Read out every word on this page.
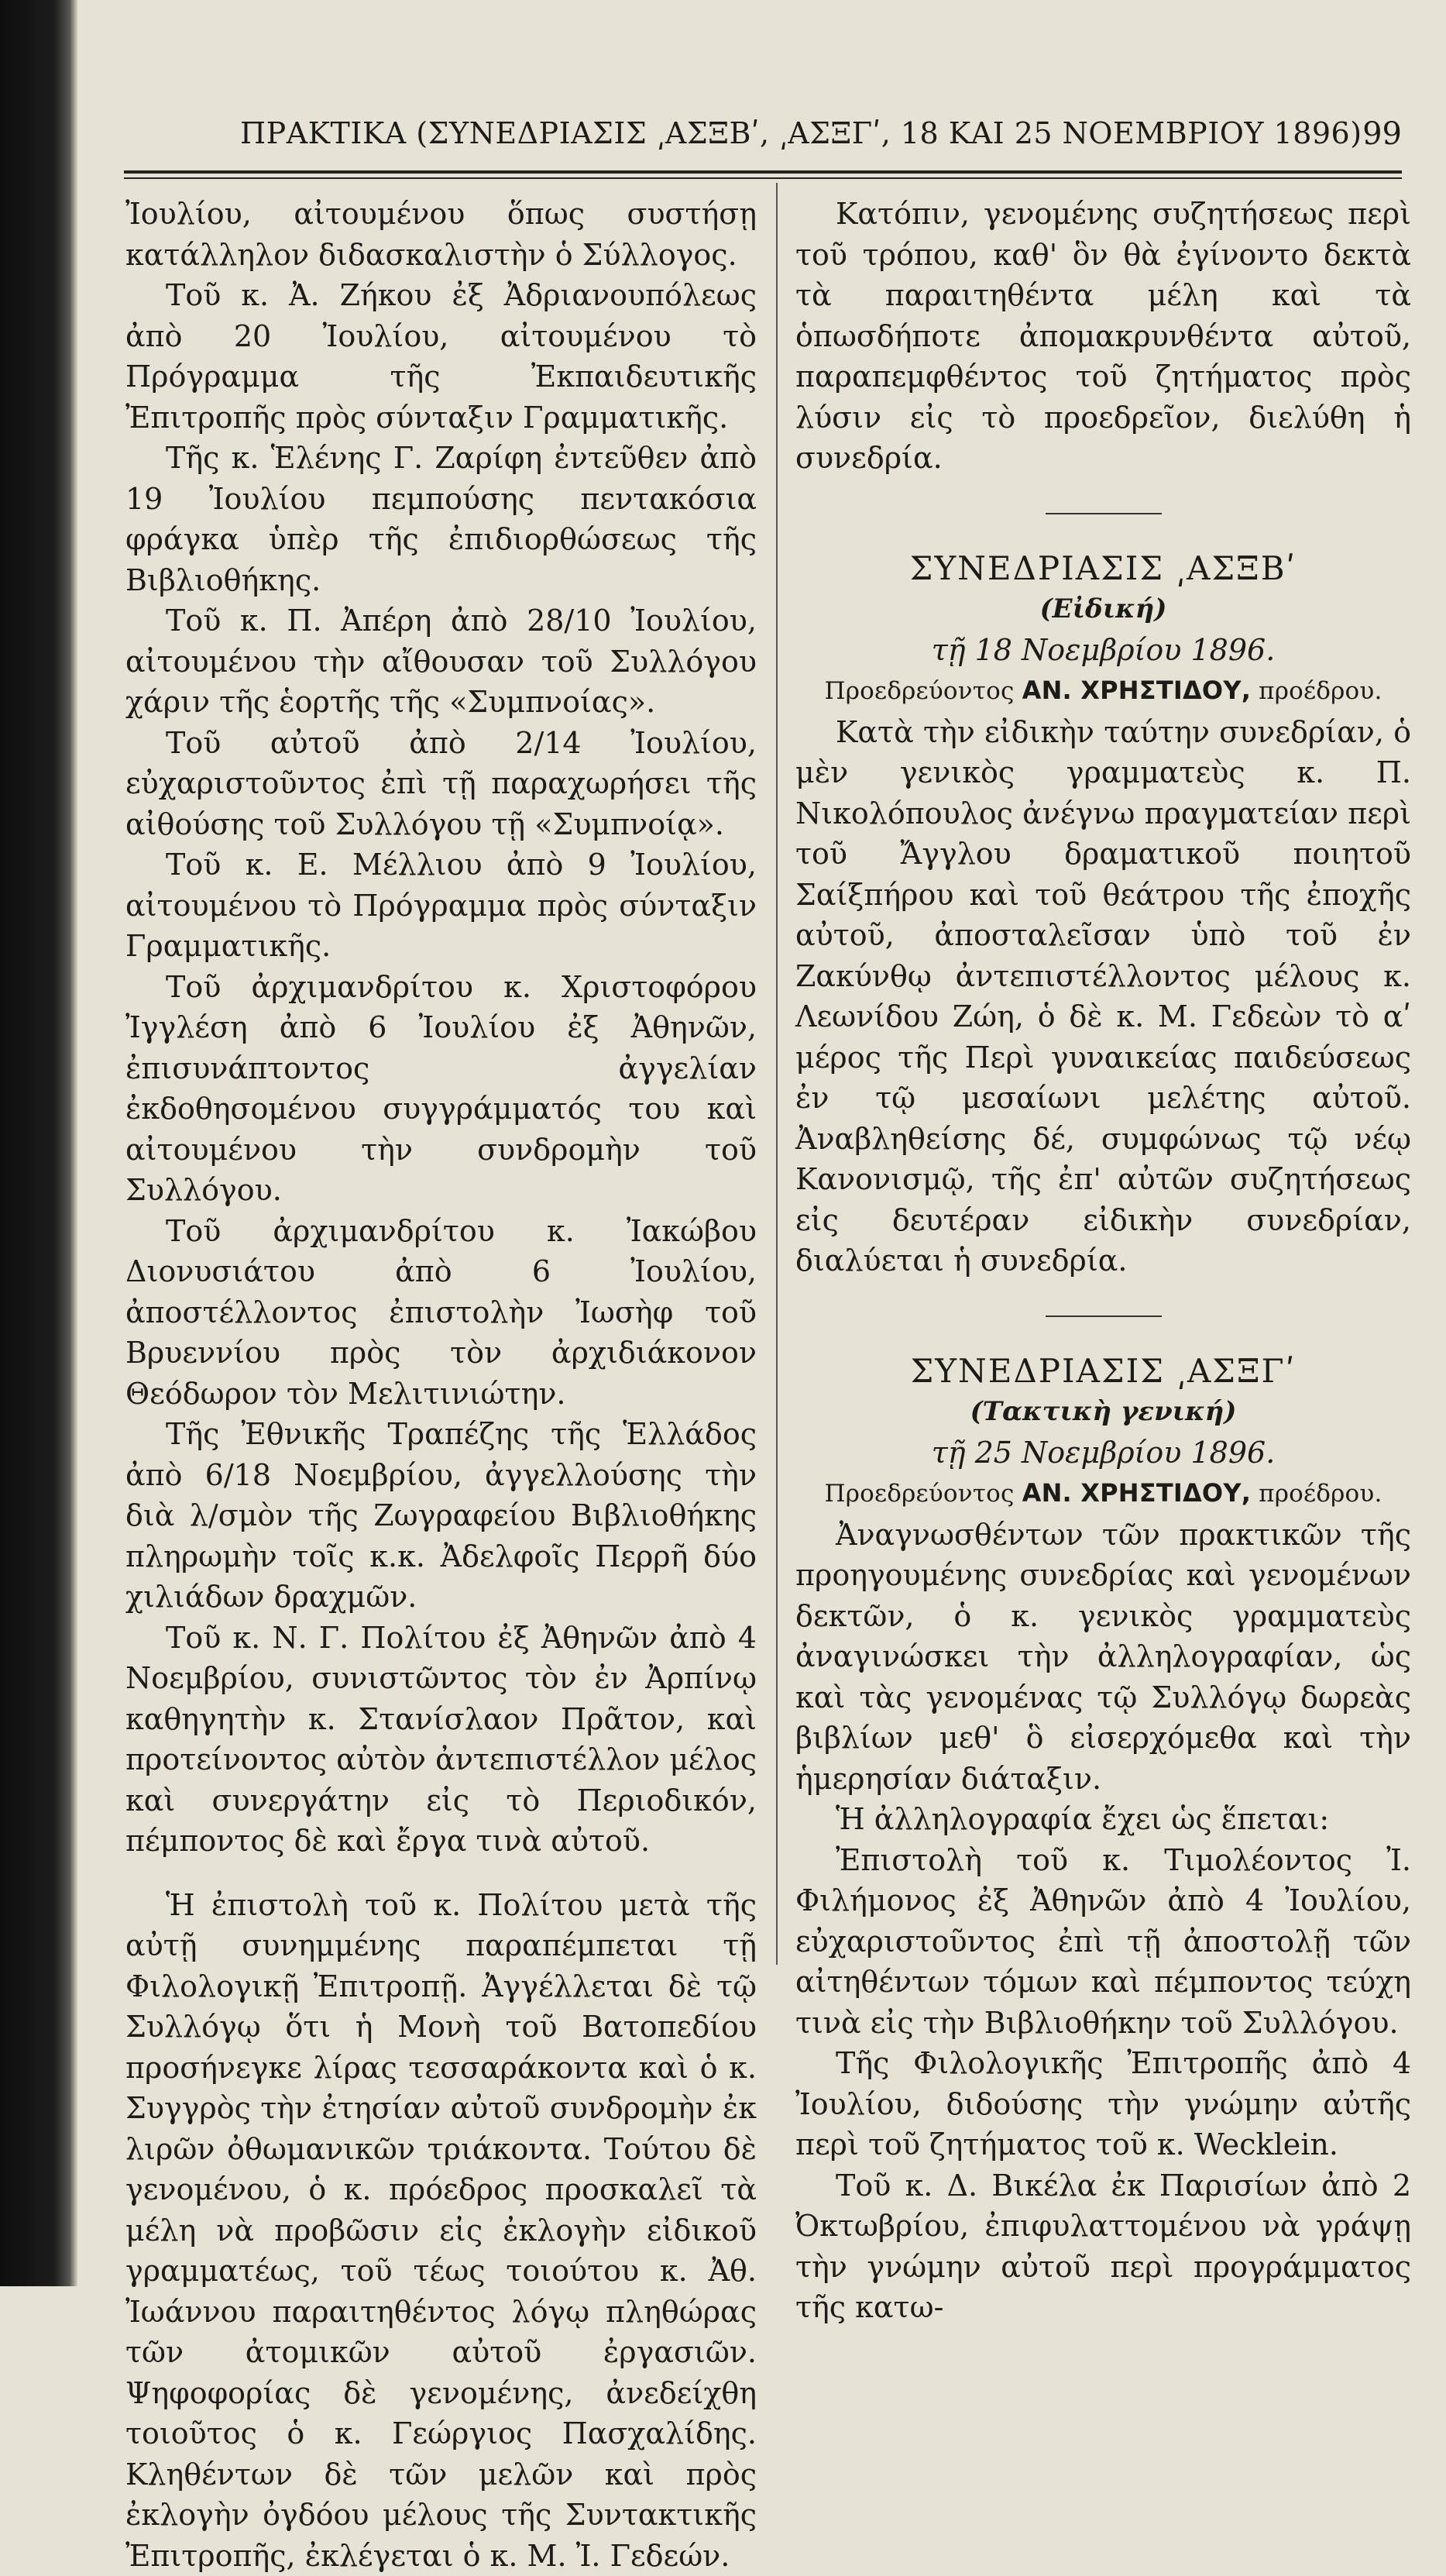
ΠΡΑΚΤΙΚΑ (ΣΥΝΕΔΡΙΑΣΙΣ ͵ΑΣΞΒʹ, ͵ΑΣΞΓʹ, 18 ΚΑΙ 25 ΝΟΕΜΒΡΙΟΥ 1896) 99

Ἰουλίου, αἰτουμένου ὅπως συστήσῃ κατάλληλον διδασκαλιστὴν ὁ Σύλλογος.

Τοῦ κ. Ἀ. Ζήκου ἐξ Ἀδριανουπόλεως ἀπὸ 20 Ἰουλίου, αἰτουμένου τὸ Πρόγραμμα τῆς Ἐκπαιδευτικῆς Ἐπιτροπῆς πρὸς σύνταξιν Γραμματικῆς.

Τῆς κ. Ἑλένης Γ. Ζαρίφη ἐντεῦθεν ἀπὸ 19 Ἰουλίου πεμπούσης πεντακόσια φράγκα ὑπὲρ τῆς ἐπιδιορθώσεως τῆς Βιβλιοθήκης.

Τοῦ κ. Π. Ἀπέρη ἀπὸ 28/10 Ἰουλίου, αἰτουμένου τὴν αἴθουσαν τοῦ Συλλόγου χάριν τῆς ἑορτῆς τῆς «Συμπνοίας».

Τοῦ αὐτοῦ ἀπὸ 2/14 Ἰουλίου, εὐχαριστοῦντος ἐπὶ τῇ παραχωρήσει τῆς αἰθούσης τοῦ Συλλόγου τῇ «Συμπνοίᾳ».

Τοῦ κ. Ε. Μέλλιου ἀπὸ 9 Ἰουλίου, αἰτουμένου τὸ Πρόγραμμα πρὸς σύνταξιν Γραμματικῆς.

Τοῦ ἀρχιμανδρίτου κ. Χριστοφόρου Ἰγγλέση ἀπὸ 6 Ἰουλίου ἐξ Ἀθηνῶν, ἐπισυνάπτοντος ἀγγελίαν ἐκδοθησομένου συγγράμματός του καὶ αἰτουμένου τὴν συνδρομὴν τοῦ Συλλόγου.

Τοῦ ἀρχιμανδρίτου κ. Ἰακώβου Διονυσιάτου ἀπὸ 6 Ἰουλίου, ἀποστέλλοντος ἐπιστολὴν Ἰωσὴφ τοῦ Βρυεννίου πρὸς τὸν ἀρχιδιάκονον Θεόδωρον τὸν Μελιτινιώτην.

Τῆς Ἐθνικῆς Τραπέζης τῆς Ἑλλάδος ἀπὸ 6/18 Νοεμβρίου, ἀγγελλούσης τὴν διὰ λ/σμὸν τῆς Ζωγραφείου Βιβλιοθήκης πληρωμὴν τοῖς κ.κ. Ἀδελφοῖς Περρῆ δύο χιλιάδων δραχμῶν.

Τοῦ κ. Ν. Γ. Πολίτου ἐξ Ἀθηνῶν ἀπὸ 4 Νοεμβρίου, συνιστῶντος τὸν ἐν Ἀρπίνῳ καθηγητὴν κ. Στανίσλαον Πρᾶτον, καὶ προτείνοντος αὐτὸν ἀντεπιστέλλον μέλος καὶ συνεργάτην εἰς τὸ Περιοδικόν, πέμποντος δὲ καὶ ἔργα τινὰ αὐτοῦ.

Ἡ ἐπιστολὴ τοῦ κ. Πολίτου μετὰ τῆς αὐτῇ συνημμένης παραπέμπεται τῇ Φιλολογικῇ Ἐπιτροπῇ. Ἀγγέλλεται δὲ τῷ Συλλόγῳ ὅτι ἡ Μονὴ τοῦ Βατοπεδίου προσήνεγκε λίρας τεσσαράκοντα καὶ ὁ κ. Συγγρὸς τὴν ἐτησίαν αὐτοῦ συνδρομὴν ἐκ λιρῶν ὀθωμανικῶν τριάκοντα. Τούτου δὲ γενομένου, ὁ κ. πρόεδρος προσκαλεῖ τὰ μέλη νὰ προβῶσιν εἰς ἐκλογὴν εἰδικοῦ γραμματέως, τοῦ τέως τοιούτου κ. Ἀθ. Ἰωάννου παραιτηθέντος λόγῳ πληθώρας τῶν ἀτομικῶν αὐτοῦ ἐργασιῶν. Ψηφοφορίας δὲ γενομένης, ἀνεδείχθη τοιοῦτος ὁ κ. Γεώργιος Πασχαλίδης. Κληθέντων δὲ τῶν μελῶν καὶ πρὸς ἐκλογὴν ὀγδόου μέλους τῆς Συντακτικῆς Ἐπιτροπῆς, ἐκλέγεται ὁ κ. Μ. Ἰ. Γεδεών.

Κατόπιν, γενομένης συζητήσεως περὶ τοῦ τρόπου, καθ' ὃν θὰ ἐγίνοντο δεκτὰ τὰ παραιτηθέντα μέλη καὶ τὰ ὁπωσδήποτε ἀπομακρυνθέντα αὐτοῦ, παραπεμφθέντος τοῦ ζητήματος πρὸς λύσιν εἰς τὸ προεδρεῖον, διελύθη ἡ συνεδρία.

ΣΥΝΕΔΡΙΑΣΙΣ ͵ΑΣΞΒʹ

(Εἰδική)

τῇ 18 Νοεμβρίου 1896.

Προεδρεύοντος ΑΝ. ΧΡΗΣΤΙΔΟΥ, προέδρου.

Κατὰ τὴν εἰδικὴν ταύτην συνεδρίαν, ὁ μὲν γενικὸς γραμματεὺς κ. Π. Νικολόπουλος ἀνέγνω πραγματείαν περὶ τοῦ Ἄγγλου δραματικοῦ ποιητοῦ Σαίξπήρου καὶ τοῦ θεάτρου τῆς ἐποχῆς αὐτοῦ, ἀποσταλεῖσαν ὑπὸ τοῦ ἐν Ζακύνθῳ ἀντεπιστέλλοντος μέλους κ. Λεωνίδου Ζώη, ὁ δὲ κ. Μ. Γεδεὼν τὸ αʹ μέρος τῆς Περὶ γυναικείας παιδεύσεως ἐν τῷ μεσαίωνι μελέτης αὐτοῦ. Ἀναβληθείσης δέ, συμφώνως τῷ νέῳ Κανονισμῷ, τῆς ἐπ' αὐτῶν συζητήσεως εἰς δευτέραν εἰδικὴν συνεδρίαν, διαλύεται ἡ συνεδρία.

ΣΥΝΕΔΡΙΑΣΙΣ ͵ΑΣΞΓʹ

(Τακτικὴ γενική)

τῇ 25 Νοεμβρίου 1896.

Προεδρεύοντος ΑΝ. ΧΡΗΣΤΙΔΟΥ, προέδρου.

Ἀναγνωσθέντων τῶν πρακτικῶν τῆς προηγουμένης συνεδρίας καὶ γενομένων δεκτῶν, ὁ κ. γενικὸς γραμματεὺς ἀναγινώσκει τὴν ἀλληλογραφίαν, ὡς καὶ τὰς γενομένας τῷ Συλλόγῳ δωρεὰς βιβλίων μεθ' ὃ εἰσερχόμεθα καὶ τὴν ἡμερησίαν διάταξιν.

Ἡ ἀλληλογραφία ἔχει ὡς ἕπεται:

Ἐπιστολὴ τοῦ κ. Τιμολέοντος Ἰ. Φιλήμονος ἐξ Ἀθηνῶν ἀπὸ 4 Ἰουλίου, εὐχαριστοῦντος ἐπὶ τῇ ἀποστολῇ τῶν αἰτηθέντων τόμων καὶ πέμποντος τεύχη τινὰ εἰς τὴν Βιβλιοθήκην τοῦ Συλλόγου.

Τῆς Φιλολογικῆς Ἐπιτροπῆς ἀπὸ 4 Ἰουλίου, διδούσης τὴν γνώμην αὐτῆς περὶ τοῦ ζητήματος τοῦ κ. Wecklein.

Τοῦ κ. Δ. Βικέλα ἐκ Παρισίων ἀπὸ 2 Ὀκτωβρίου, ἐπιφυλαττομένου νὰ γράψῃ τὴν γνώμην αὐτοῦ περὶ προγράμματος τῆς κατω-
